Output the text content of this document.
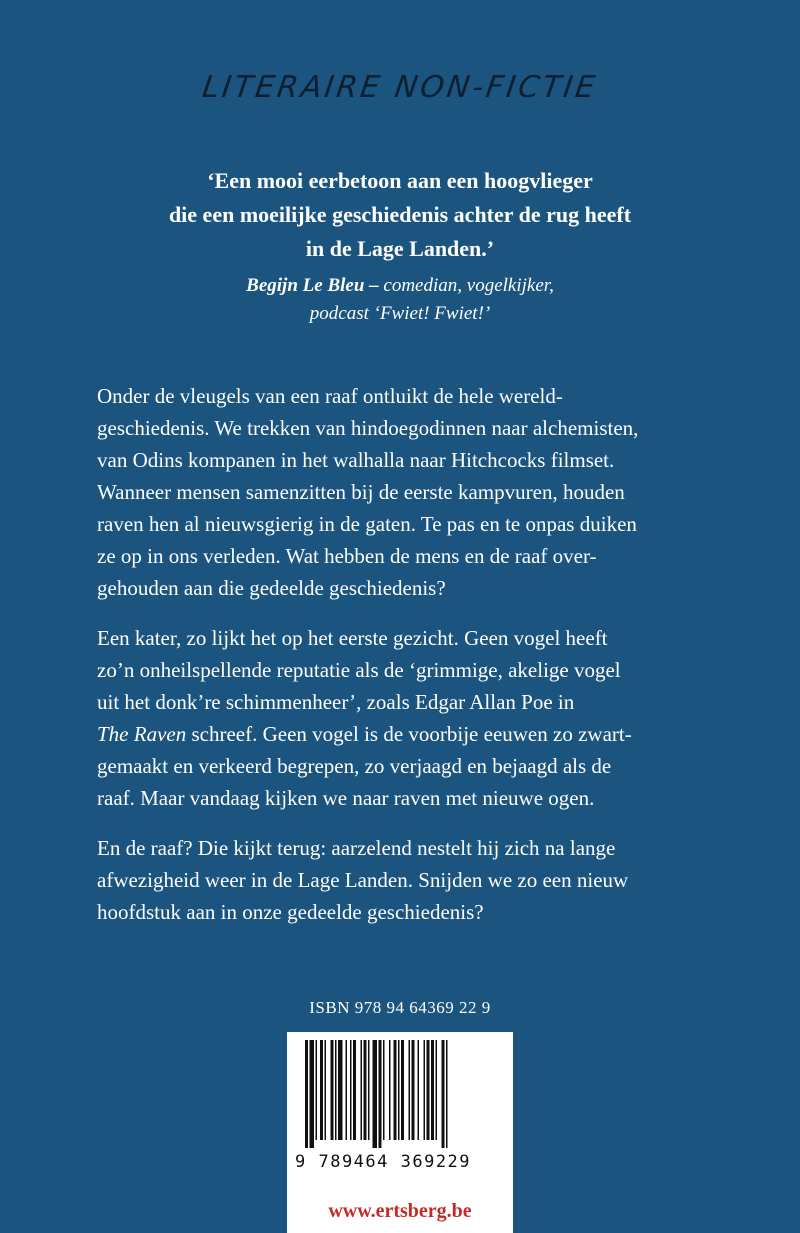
LITERAIRE NON-FICTIE
‘Een mooi eerbetoon aan een hoogvlieger
die een moeilijke geschiedenis achter de rug heeft
in de Lage Landen.’
Begijn Le Bleu – comedian, vogelkijker,
podcast ‘Fwiet! Fwiet!’
Onder de vleugels van een raaf ontluikt de hele wereld-
geschiedenis. We trekken van hindoegodinnen naar alchemisten,
van Odins kompanen in het walhalla naar Hitchcocks filmset.
Wanneer mensen samenzitten bij de eerste kampvuren, houden
raven hen al nieuwsgierig in de gaten. Te pas en te onpas duiken
ze op in ons verleden. Wat hebben de mens en de raaf over-
gehouden aan die gedeelde geschiedenis?
Een kater, zo lijkt het op het eerste gezicht. Geen vogel heeft
zo’n onheilspellende reputatie als de ‘grimmige, akelige vogel
uit het donk’re schimmenheer’, zoals Edgar Allan Poe in
The Raven schreef. Geen vogel is de voorbije eeuwen zo zwart-
gemaakt en verkeerd begrepen, zo verjaagd en bejaagd als de
raaf. Maar vandaag kijken we naar raven met nieuwe ogen.
En de raaf? Die kijkt terug: aarzelend nestelt hij zich na lange
afwezigheid weer in de Lage Landen. Snijden we zo een nieuw
hoofdstuk aan in onze gedeelde geschiedenis?
ISBN 978 94 64369 22 9
9 789464 369229
www.ertsberg.be
